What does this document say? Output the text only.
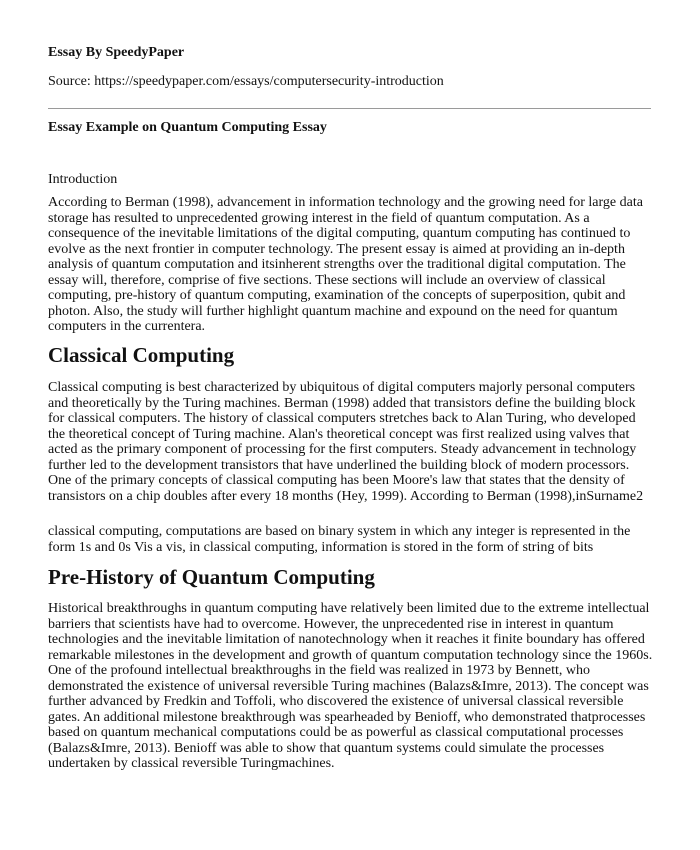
Essay By SpeedyPaper
Source: https://speedypaper.com/essays/computersecurity-introduction
Essay Example on Quantum Computing Essay

Introduction

According to Berman (1998), advancement in information technology and the growing need for large data storage has resulted to unprecedented growing interest in the field of quantum computation. As a consequence of the inevitable limitations of the digital computing, quantum computing has continued to evolve as the next frontier in computer technology. The present essay is aimed at providing an in-depth analysis of quantum computation and itsinherent strengths over the traditional digital computation. The essay will, therefore, comprise of five sections. These sections will include an overview of classical computing, pre-history of quantum computing, examination of the concepts of superposition, qubit and photon. Also, the study will further highlight quantum machine and expound on the need for quantum computers in the currentera.

Classical Computing

Classical computing is best characterized by ubiquitous of digital computers majorly personal computers and theoretically by the Turing machines. Berman (1998) added that transistors define the building block for classical computers. The history of classical computers stretches back to Alan Turing, who developed the theoretical concept of Turing machine. Alan's theoretical concept was first realized using valves that acted as the primary component of processing for the first computers. Steady advancement in technology further led to the development transistors that have underlined the building block of modern processors. One of the primary concepts of classical computing has been Moore's law that states that the density of transistors on a chip doubles after every 18 months (Hey, 1999). According to Berman (1998),inSurname2

classical computing, computations are based on binary system in which any integer is represented in the form 1s and 0s Vis a vis, in classical computing, information is stored in the form of string of bits

Pre-History of Quantum Computing

Historical breakthroughs in quantum computing have relatively been limited due to the extreme intellectual barriers that scientists have had to overcome. However, the unprecedented rise in interest in quantum technologies and the inevitable limitation of nanotechnology when it reaches it finite boundary has offered remarkable milestones in the development and growth of quantum computation technology since the 1960s. One of the profound intellectual breakthroughs in the field was realized in 1973 by Bennett, who demonstrated the existence of universal reversible Turing machines (Balazs&Imre, 2013). The concept was further advanced by Fredkin and Toffoli, who discovered the existence of universal classical reversible gates. An additional milestone breakthrough was spearheaded by Benioff, who demonstrated thatprocesses based on quantum mechanical computations could be as powerful as classical computational processes (Balazs&Imre, 2013). Benioff was able to show that quantum systems could simulate the processes undertaken by classical reversible Turingmachines.
